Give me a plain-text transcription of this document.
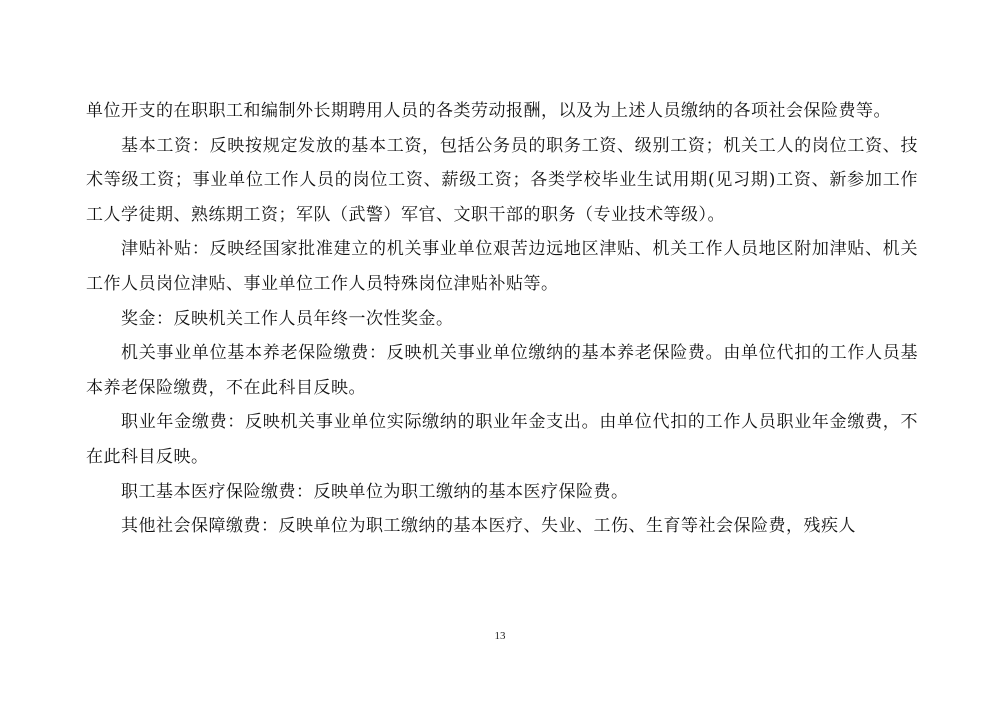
单位开支的在职职工和编制外长期聘用人员的各类劳动报酬，以及为上述人员缴纳的各项社会保险费等。

基本工资：反映按规定发放的基本工资，包括公务员的职务工资、级别工资；机关工人的岗位工资、技术等级工资；事业单位工作人员的岗位工资、薪级工资；各类学校毕业生试用期(见习期)工资、新参加工作工人学徒期、熟练期工资；军队（武警）军官、文职干部的职务（专业技术等级）。

津贴补贴：反映经国家批准建立的机关事业单位艰苦边远地区津贴、机关工作人员地区附加津贴、机关工作人员岗位津贴、事业单位工作人员特殊岗位津贴补贴等。

奖金：反映机关工作人员年终一次性奖金。

机关事业单位基本养老保险缴费：反映机关事业单位缴纳的基本养老保险费。由单位代扣的工作人员基本养老保险缴费，不在此科目反映。

职业年金缴费：反映机关事业单位实际缴纳的职业年金支出。由单位代扣的工作人员职业年金缴费，不在此科目反映。

职工基本医疗保险缴费：反映单位为职工缴纳的基本医疗保险费。

其他社会保障缴费：反映单位为职工缴纳的基本医疗、失业、工伤、生育等社会保险费，残疾人

13
